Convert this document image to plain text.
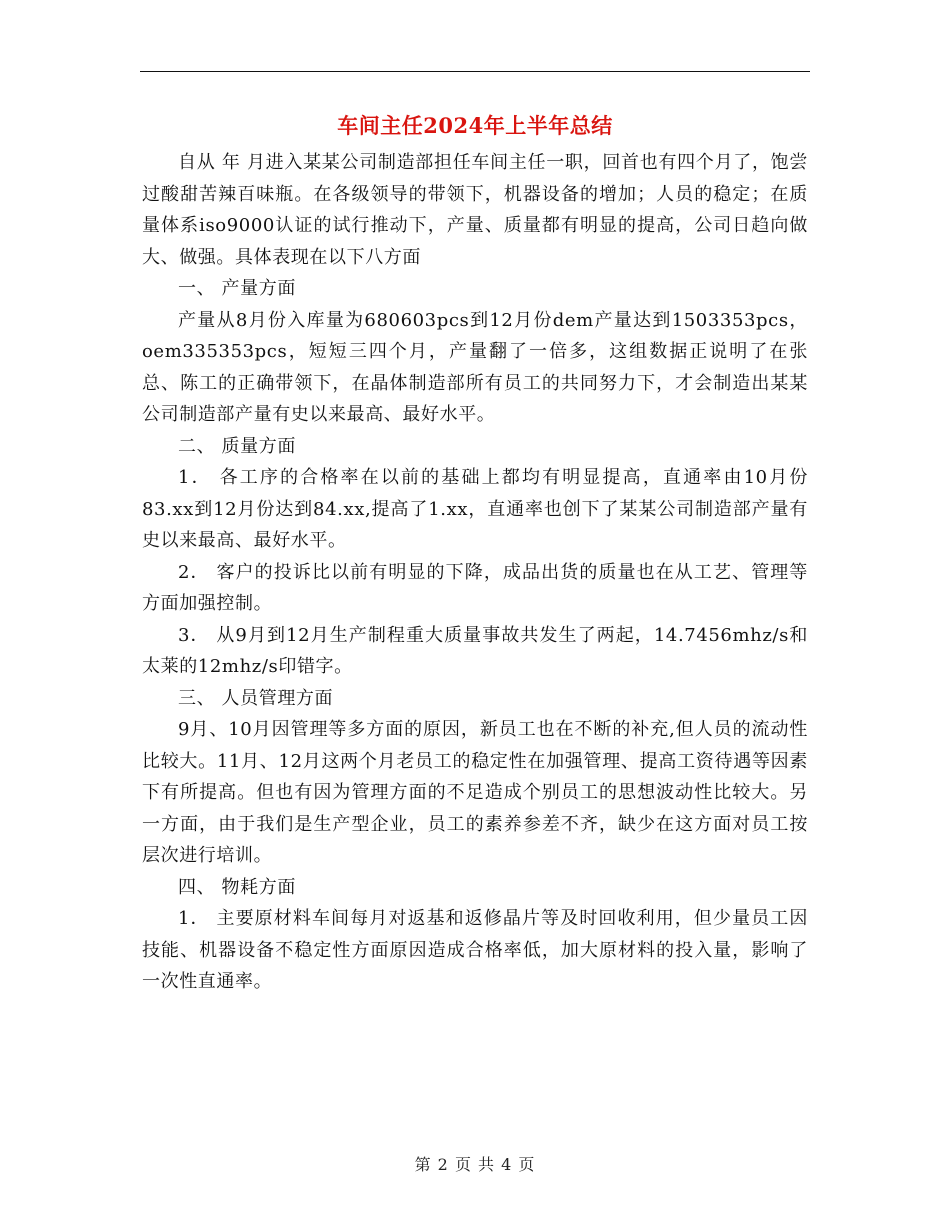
车间主任2024年上半年总结

自从 年 月进入某某公司制造部担任车间主任一职，回首也有四个月了，饱尝过酸甜苦辣百味瓶。在各级领导的带领下，机器设备的增加；人员的稳定；在质量体系iso9000认证的试行推动下，产量、质量都有明显的提高，公司日趋向做大、做强。具体表现在以下八方面

一、 产量方面

产量从8月份入库量为680603pcs到12月份dem产量达到1503353pcs，oem335353pcs，短短三四个月，产量翻了一倍多，这组数据正说明了在张总、陈工的正确带领下，在晶体制造部所有员工的共同努力下，才会制造出某某公司制造部产量有史以来最高、最好水平。

二、 质量方面

1． 各工序的合格率在以前的基础上都均有明显提高，直通率由10月份83.xx到12月份达到84.xx,提高了1.xx，直通率也创下了某某公司制造部产量有史以来最高、最好水平。

2． 客户的投诉比以前有明显的下降，成品出货的质量也在从工艺、管理等方面加强控制。

3． 从9月到12月生产制程重大质量事故共发生了两起，14.7456mhz/s和太莱的12mhz/s印错字。

三、 人员管理方面

9月、10月因管理等多方面的原因，新员工也在不断的补充,但人员的流动性比较大。11月、12月这两个月老员工的稳定性在加强管理、提高工资待遇等因素下有所提高。但也有因为管理方面的不足造成个别员工的思想波动性比较大。另一方面，由于我们是生产型企业，员工的素养参差不齐，缺少在这方面对员工按层次进行培训。

四、 物耗方面

1． 主要原材料车间每月对返基和返修晶片等及时回收利用，但少量员工因技能、机器设备不稳定性方面原因造成合格率低，加大原材料的投入量，影响了一次性直通率。

第 2 页 共 4 页
